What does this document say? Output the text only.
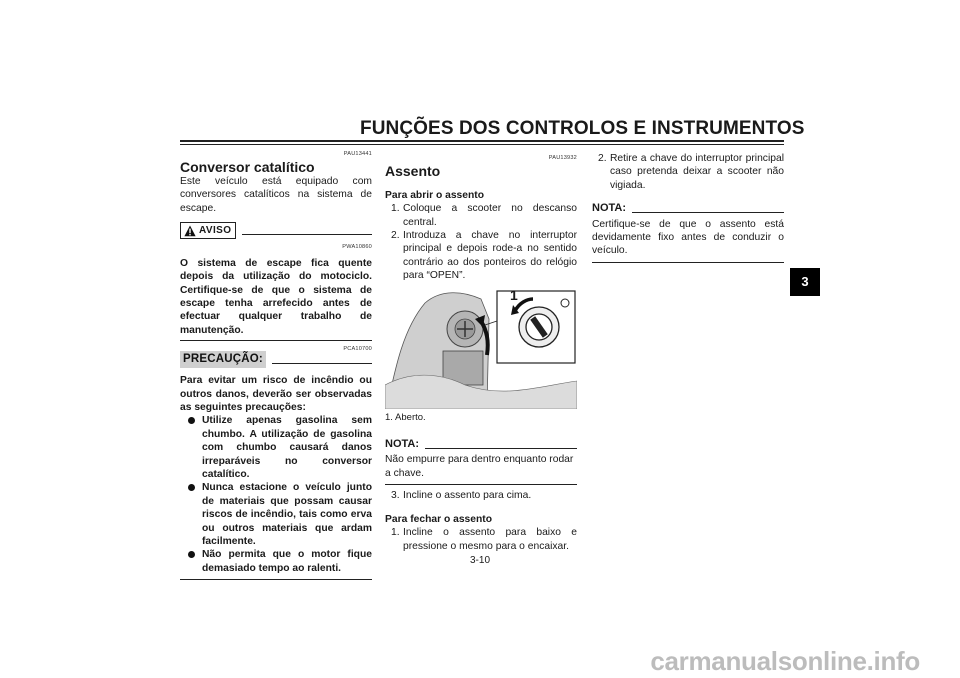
FUNÇÕES DOS CONTROLOS E INSTRUMENTOS
3
PAU13441
Conversor catalítico

Este veículo está equipado com conversores catalíticos na sistema de escape.

AVISO
PWA10860

O sistema de escape fica quente depois da utilização do motociclo. Certifique-se de que o sistema de escape tenha arrefecido antes de efectuar qualquer trabalho de manutenção.

PCA10700
PRECAUÇÃO:

Para evitar um risco de incêndio ou outros danos, deverão ser observadas as seguintes precauções:

Utilize apenas gasolina sem chumbo. A utilização de gasolina com chumbo causará danos irreparáveis no conversor catalítico.
Nunca estacione o veículo junto de materiais que possam causar riscos de incêndio, tais como erva ou outros materiais que ardam facilmente.
Não permita que o motor fique demasiado tempo ao ralenti.
PAU13932
Assento
Para abrir o assento
1. Coloque a scooter no descanso central.
2. Introduza a chave no interruptor principal e depois rode-a no sentido contrário ao dos ponteiros do relógio para “OPEN”.
1
1. Aberto.
NOTA:

Não empurre para dentro enquanto rodar a chave.

3. Incline o assento para cima.
Para fechar o assento
1. Incline o assento para baixo e pressione o mesmo para o encaixar.
2. Retire a chave do interruptor principal caso pretenda deixar a scooter não vigiada.
NOTA:

Certifique-se de que o assento está devidamente fixo antes de conduzir o veículo.

3-10
carmanualsonline.info
